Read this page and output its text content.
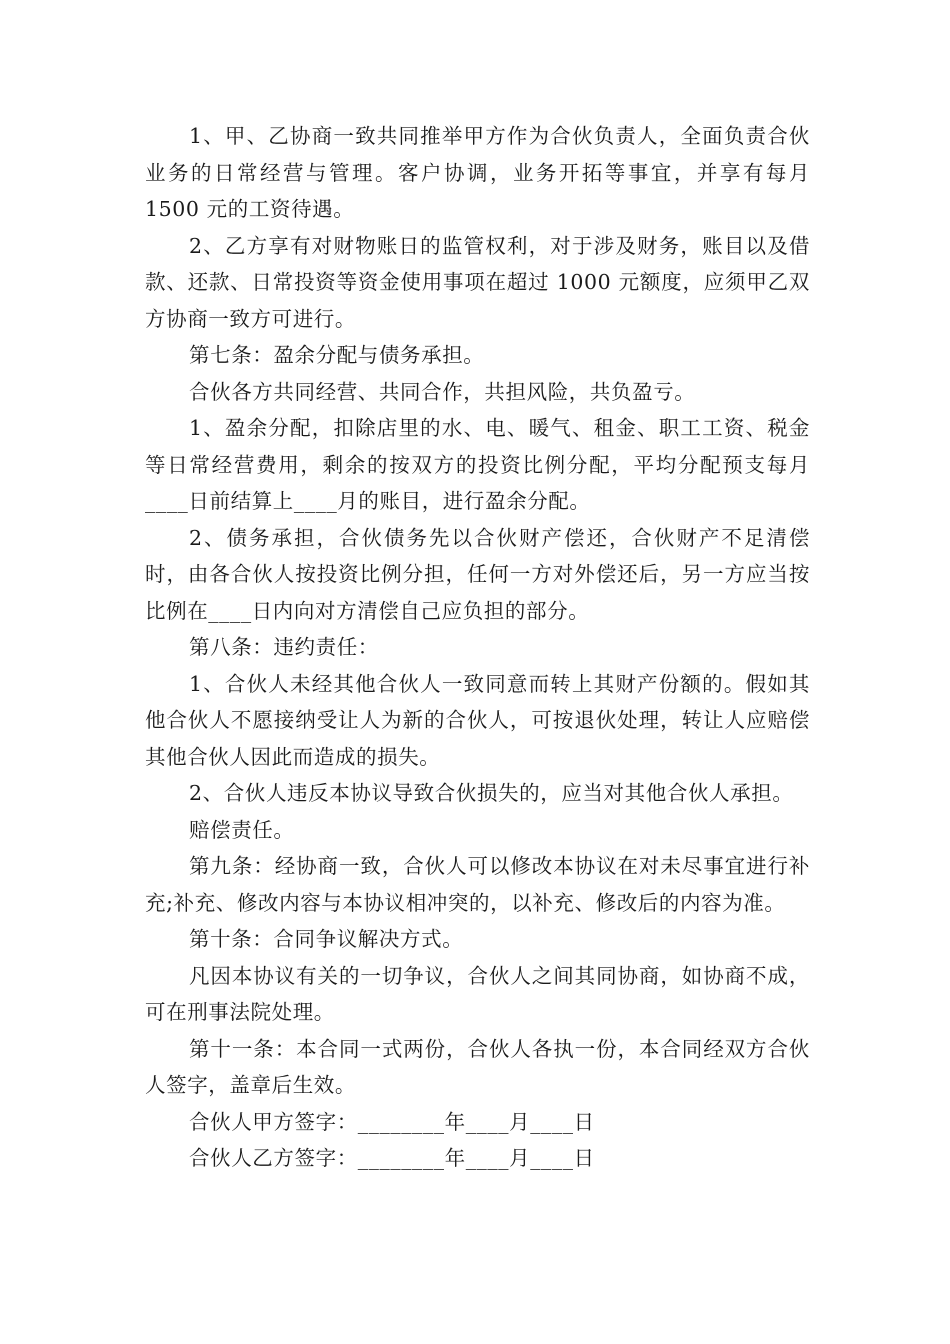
1、甲、乙协商一致共同推举甲方作为合伙负责人，全面负责合伙业务的日常经营与管理。客户协调，业务开拓等事宜，并享有每月 1500 元的工资待遇。

2、乙方享有对财物账日的监管权利，对于涉及财务，账目以及借款、还款、日常投资等资金使用事项在超过 1000 元额度，应须甲乙双方协商一致方可进行。

第七条：盈余分配与债务承担。

合伙各方共同经营、共同合作，共担风险，共负盈亏。

1、盈余分配，扣除店里的水、电、暖气、租金、职工工资、税金等日常经营费用，剩余的按双方的投资比例分配，平均分配预支每月____日前结算上____月的账目，进行盈余分配。

2、债务承担，合伙债务先以合伙财产偿还，合伙财产不足清偿时，由各合伙人按投资比例分担，任何一方对外偿还后，另一方应当按比例在____日内向对方清偿自己应负担的部分。

第八条：违约责任：

1、合伙人未经其他合伙人一致同意而转上其财产份额的。假如其他合伙人不愿接纳受让人为新的合伙人，可按退伙处理，转让人应赔偿其他合伙人因此而造成的损失。

2、合伙人违反本协议导致合伙损失的，应当对其他合伙人承担。

赔偿责任。

第九条：经协商一致，合伙人可以修改本协议在对未尽事宜进行补充;补充、修改内容与本协议相冲突的，以补充、修改后的内容为准。

第十条：合同争议解决方式。

凡因本协议有关的一切争议，合伙人之间其同协商，如协商不成，可在刑事法院处理。

第十一条：本合同一式两份，合伙人各执一份，本合同经双方合伙人签字，盖章后生效。

合伙人甲方签字：________年____月____日

合伙人乙方签字：________年____月____日
